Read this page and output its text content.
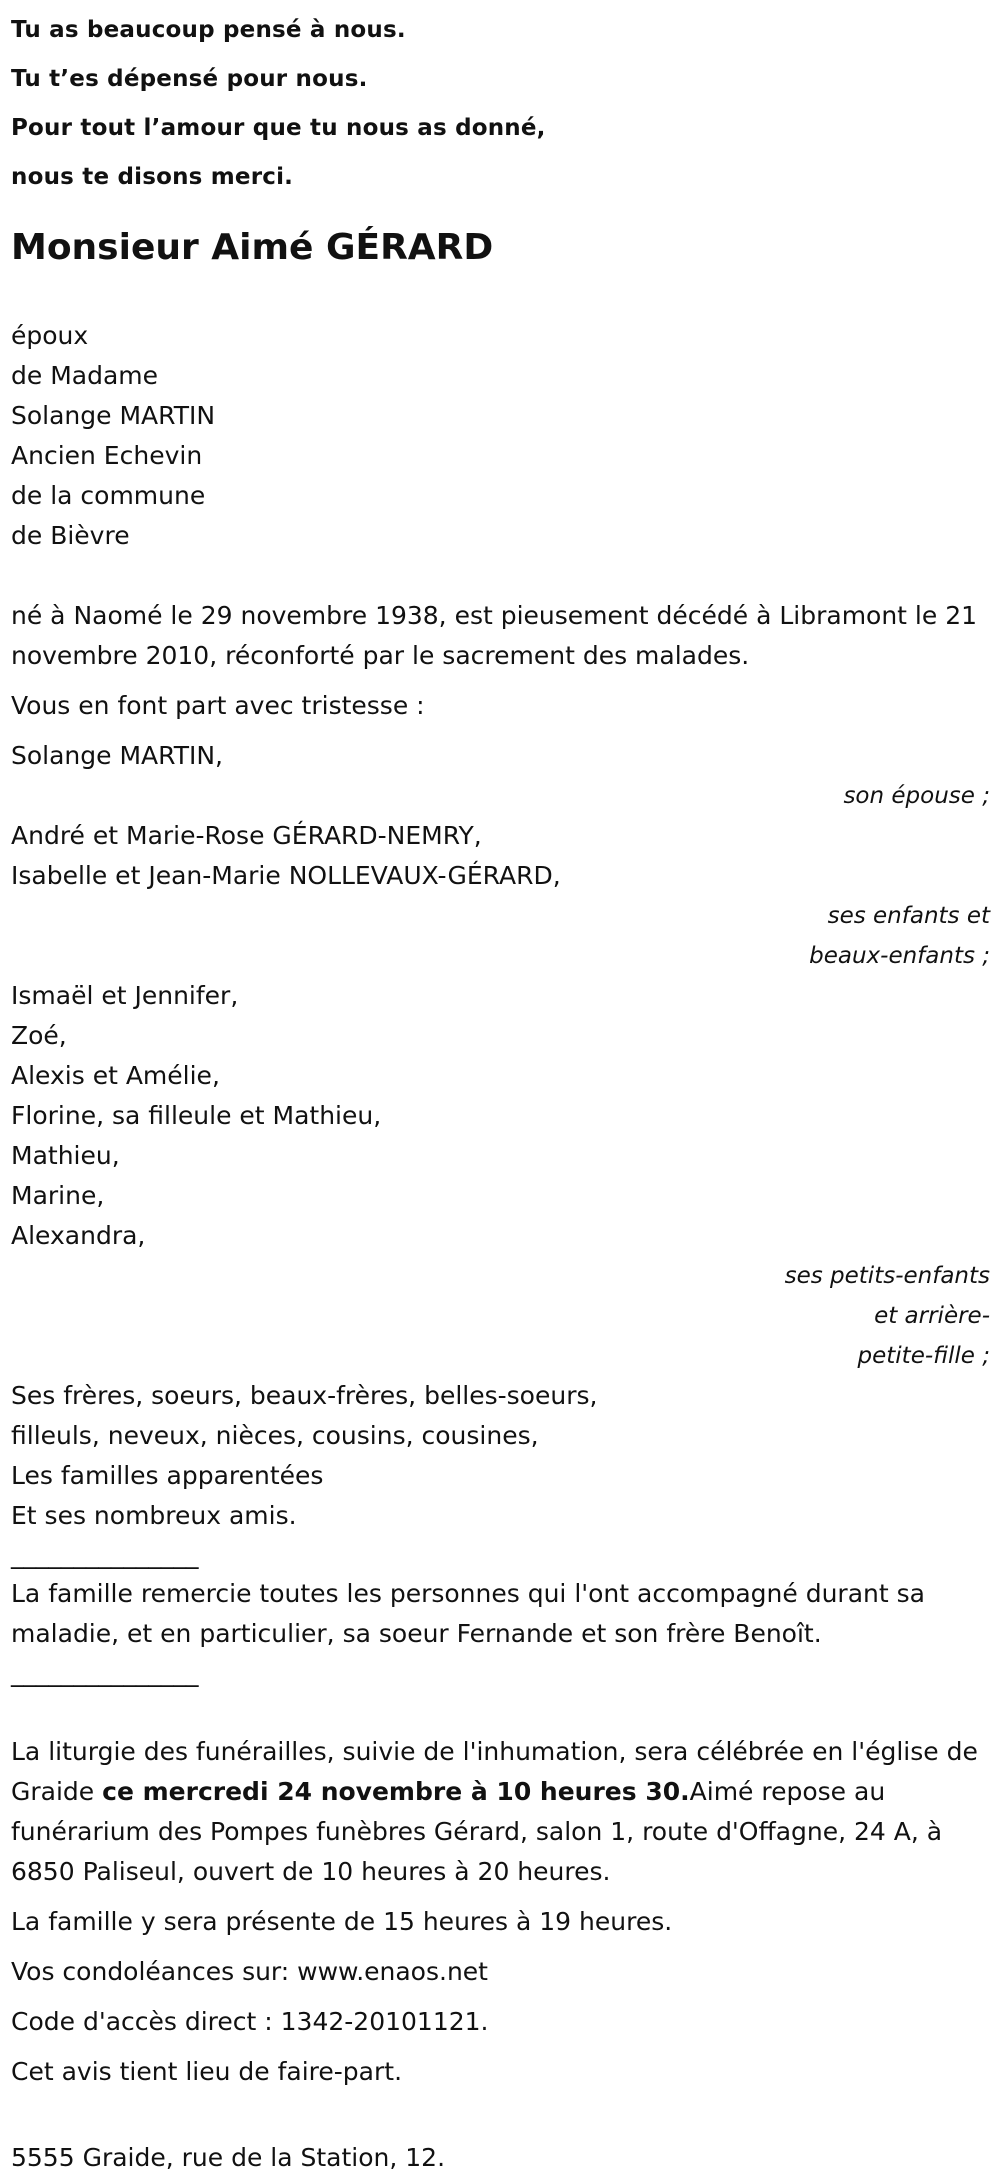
Tu as beaucoup pensé à nous.
Tu t’es dépensé pour nous.
Pour tout l’amour que tu nous as donné,
nous te disons merci.
Monsieur Aimé GÉRARD
époux
de Madame
Solange MARTIN
Ancien Echevin
de la commune
de Bièvre

né à Naomé le 29 novembre 1938, est pieusement décédé à Libramont le 21 novembre 2010, réconforté par le sacrement des malades.

Vous en font part avec tristesse :

Solange MARTIN,
son épouse ;
André et Marie-Rose GÉRARD-NEMRY,
Isabelle et Jean-Marie NOLLEVAUX-GÉRARD,
ses enfants et
beaux-enfants ;
Ismaël et Jennifer,
Zoé,
Alexis et Amélie,
Florine, sa filleule et Mathieu,
Mathieu,
Marine,
Alexandra,
ses petits-enfants
et arrière-
petite-fille ;
Ses frères, soeurs, beaux-frères, belles-soeurs,
filleuls, neveux, nièces, cousins, cousines,
Les familles apparentées
Et ses nombreux amis.
_______________

La famille remercie toutes les personnes qui l'ont accompagné durant sa maladie, et en particulier, sa soeur Fernande et son frère Benoît.

_______________

La liturgie des funérailles, suivie de l'inhumation, sera célébrée en l'église de Graide ce mercredi 24 novembre à 10 heures 30.Aimé repose au funérarium des Pompes funèbres Gérard, salon 1, route d'Offagne, 24 A, à 6850 Paliseul, ouvert de 10 heures à 20 heures.

La famille y sera présente de 15 heures à 19 heures.

Vos condoléances sur: www.enaos.net

Code d'accès direct : 1342-20101121.

Cet avis tient lieu de faire-part.

5555 Graide, rue de la Station, 12.
